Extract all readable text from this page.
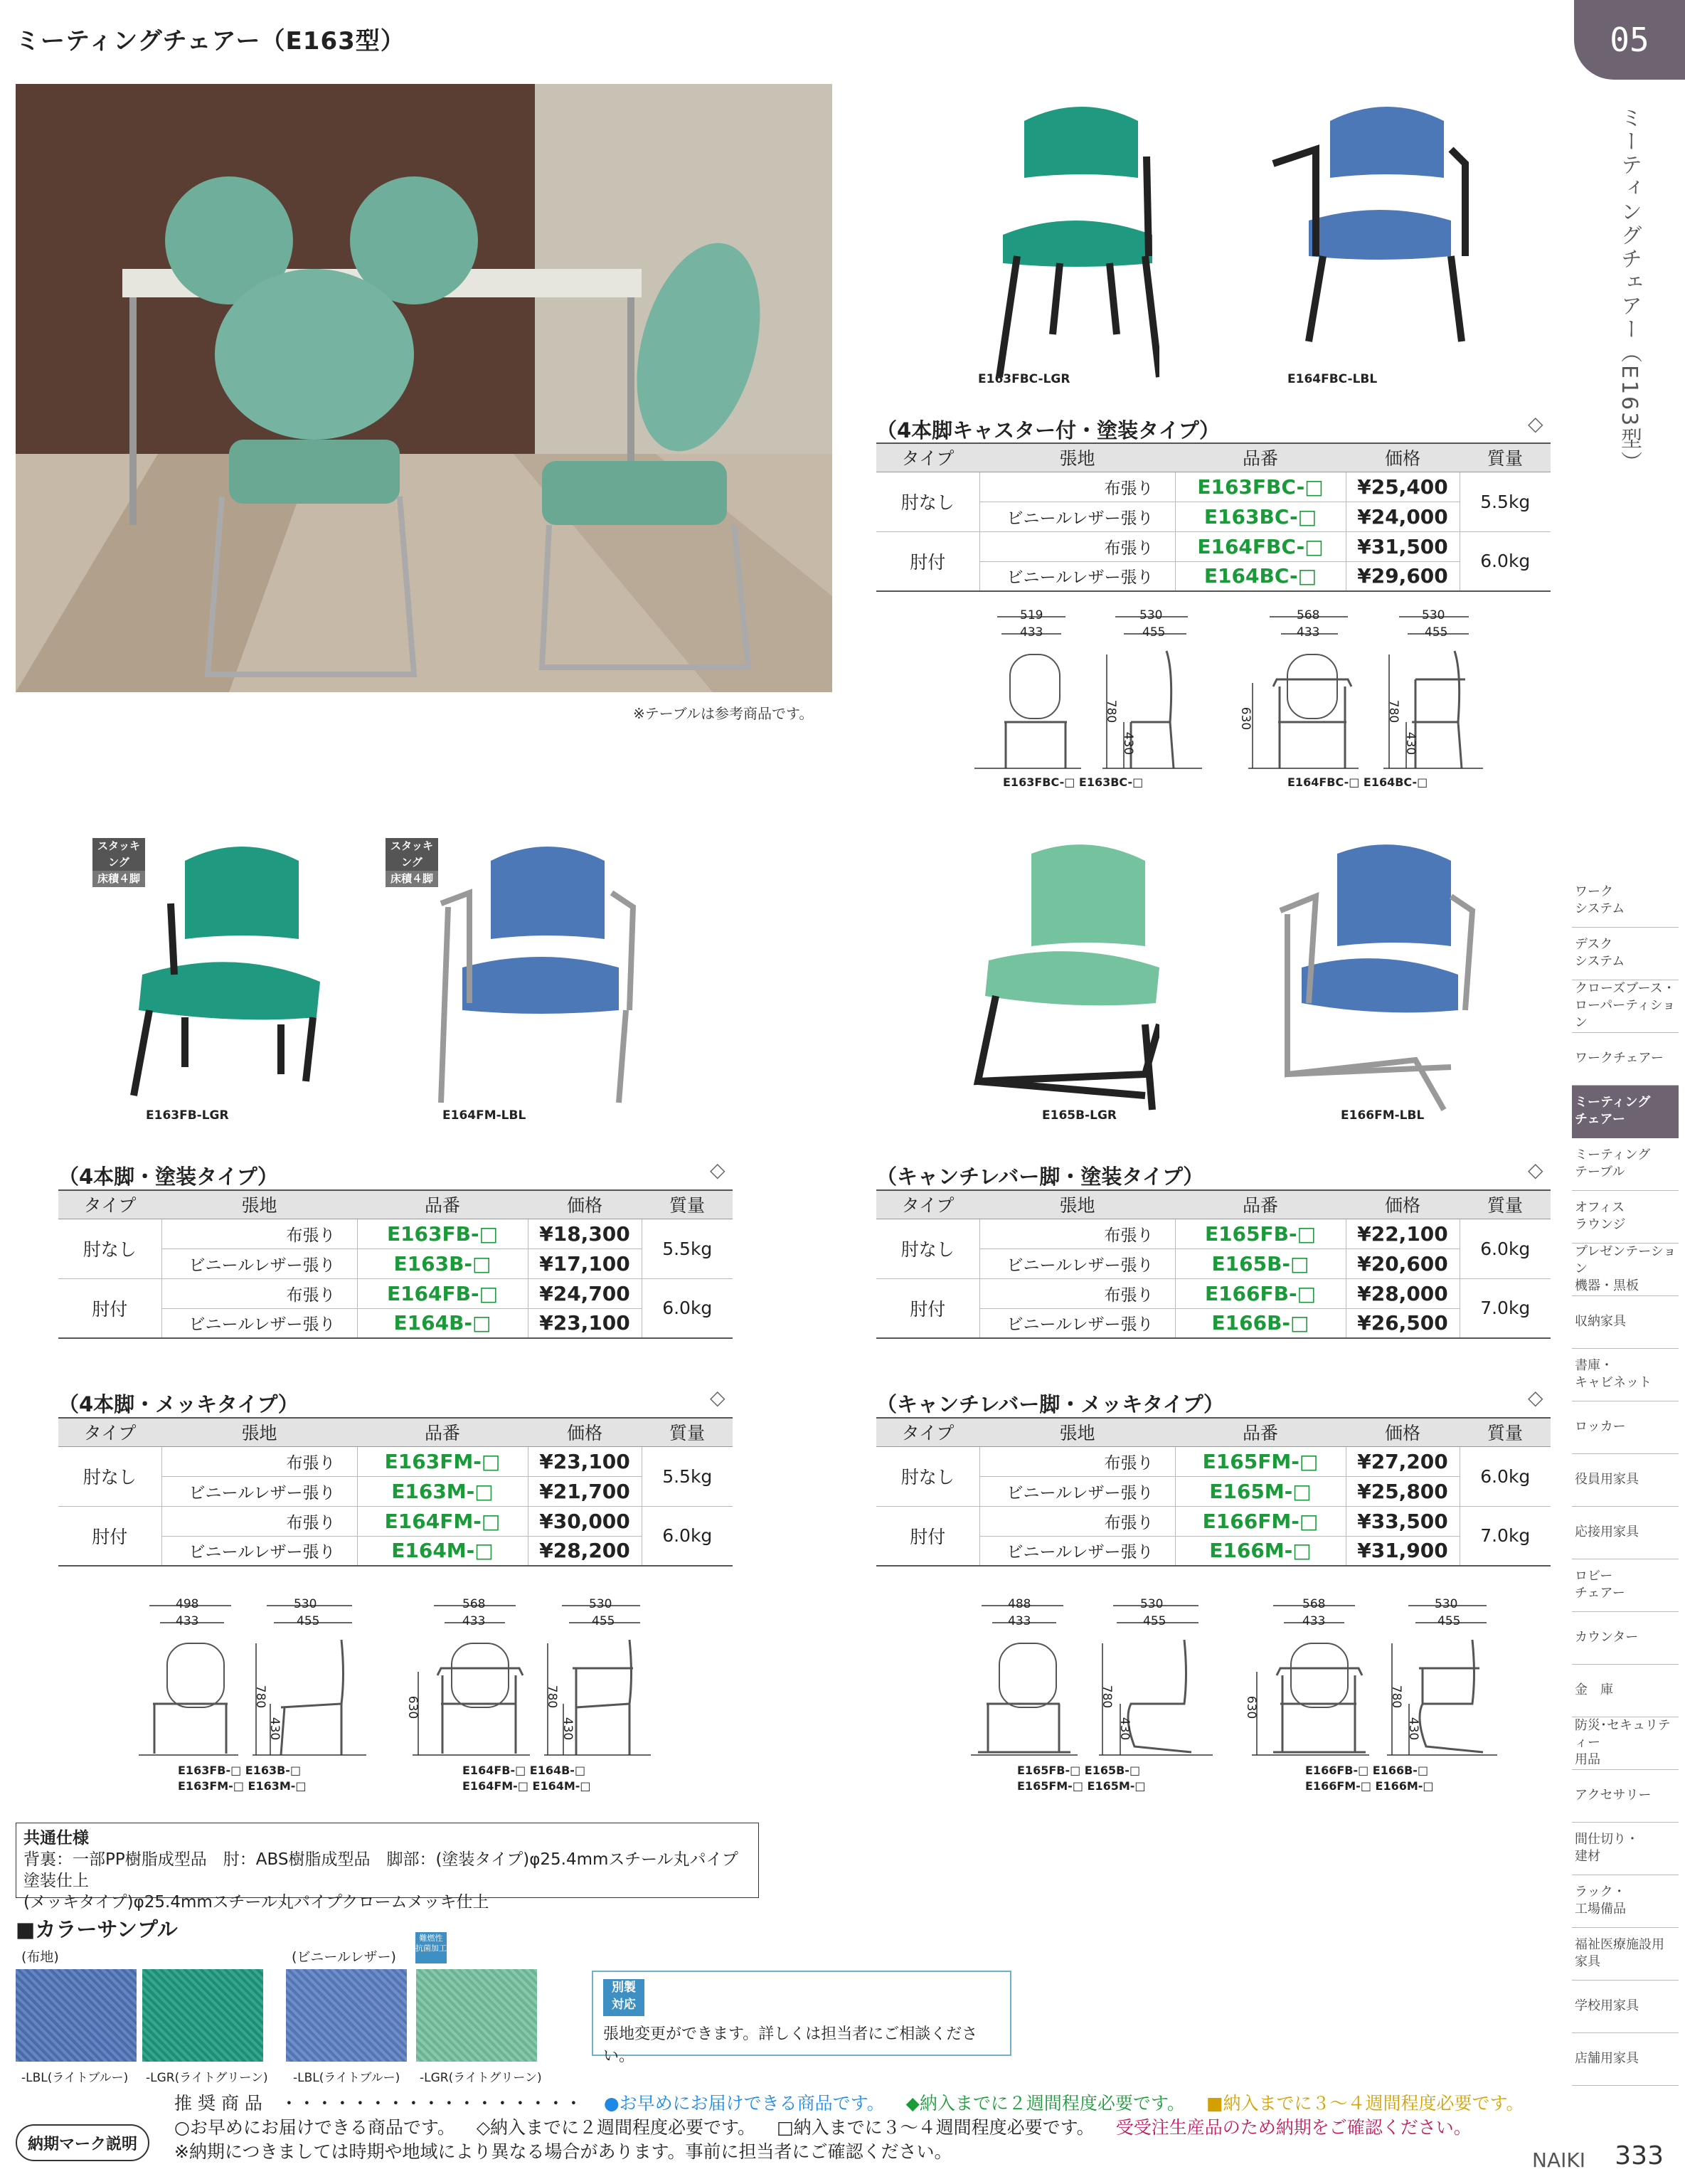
ミーティングチェアー（E163型）	05
ミーティングチェアー（E163型）
※テーブルは参考商品です。
E163FBC-LGR	E164FBC-LBL
（4本脚キャスター付・塗装タイプ）	◇
タイプ	張地	品番	価格	質量
肘なし	布張り	E163FBC-□	¥25,400	5.5kg
	ビニールレザー張り	E163BC-□	¥24,000	
肘付	布張り	E164FBC-□	¥31,500	6.0kg
	ビニールレザー張り	E164BC-□	¥29,600	
519
433
530
455
780
430
E163FBC-□ E163BC-□
568
433
530
455
630	780
430
E164FBC-□ E164BC-□
スタッキング
床積４脚
E163FB-LGR
スタッキング
床積４脚
E164FM-LBL	E165B-LGR	E166FM-LBL
（4本脚・塗装タイプ）	◇
タイプ	張地	品番	価格	質量
肘なし	布張り	E163FB-□	¥18,300	5.5kg
	ビニールレザー張り	E163B-□	¥17,100	
肘付	布張り	E164FB-□	¥24,700	6.0kg
	ビニールレザー張り	E164B-□	¥23,100	
（キャンチレバー脚・塗装タイプ）	◇
タイプ	張地	品番	価格	質量
肘なし	布張り	E165FB-□	¥22,100	6.0kg
	ビニールレザー張り	E165B-□	¥20,600	
肘付	布張り	E166FB-□	¥28,000	7.0kg
	ビニールレザー張り	E166B-□	¥26,500	
（4本脚・メッキタイプ）	◇
タイプ	張地	品番	価格	質量
肘なし	布張り	E163FM-□	¥23,100	5.5kg
	ビニールレザー張り	E163M-□	¥21,700	
肘付	布張り	E164FM-□	¥30,000	6.0kg
	ビニールレザー張り	E164M-□	¥28,200	
（キャンチレバー脚・メッキタイプ）	◇
タイプ	張地	品番	価格	質量
肘なし	布張り	E165FM-□	¥27,200	6.0kg
	ビニールレザー張り	E165M-□	¥25,800	
肘付	布張り	E166FM-□	¥33,500	7.0kg
	ビニールレザー張り	E166M-□	¥31,900	
498
433
530
455
780
430
E163FB-□ E163B-□
E163FM-□ E163M-□
568
433
530
455
630	780
430
E164FB-□ E164B-□
E164FM-□ E164M-□
488
433
530
455
780
430
E165FB-□ E165B-□
E165FM-□ E165M-□
568
433
530
455
630	780
430
E166FB-□ E166B-□
E166FM-□ E166M-□
共通仕様
背裏：一部PP樹脂成型品　肘：ABS樹脂成型品　脚部：(塗装タイプ)φ25.4mmスチール丸パイプ塗装仕上
(メッキタイプ)φ25.4mmスチール丸パイプクロームメッキ仕上
■カラーサンプル
(布地)	(ビニールレザー)
難燃性 抗菌加工
-LBL(ライトブルー) -LGR(ライトグリーン) -LBL(ライトブルー) -LGR(ライトグリーン)
別製
対応
張地変更ができます。詳しくは担当者にご相談ください。
ワーク
システム
デスク
システム
クローズブース・
ローパーティション
ワークチェアー
ミーティング
チェアー
ミーティング
テーブル
オフィス
ラウンジ
プレゼンテーション
機器・黒板
収納家具
書庫・
キャビネット
ロッカー
役員用家具
応接用家具
ロビー
チェアー
カウンター
金　庫
防災･セキュリティー
用品
アクセサリー
間仕切り・
建材
ラック・
工場備品
福祉医療施設用
家具
学校用家具
店舗用家具
納期マーク説明
推 奨 商 品　・・・・・・・・・・・・・・・・・ ●お早めにお届けできる商品です。 ◆納入までに２週間程度必要です。 ■納入までに３～４週間程度必要です。
○お早めにお届けできる商品です。 ◇納入までに２週間程度必要です。 □納入までに３～４週間程度必要です。 受受注生産品のため納期をご確認ください。
※納期につきましては時期や地域により異なる場合があります。事前に担当者にご確認ください。	NAIKI 333
